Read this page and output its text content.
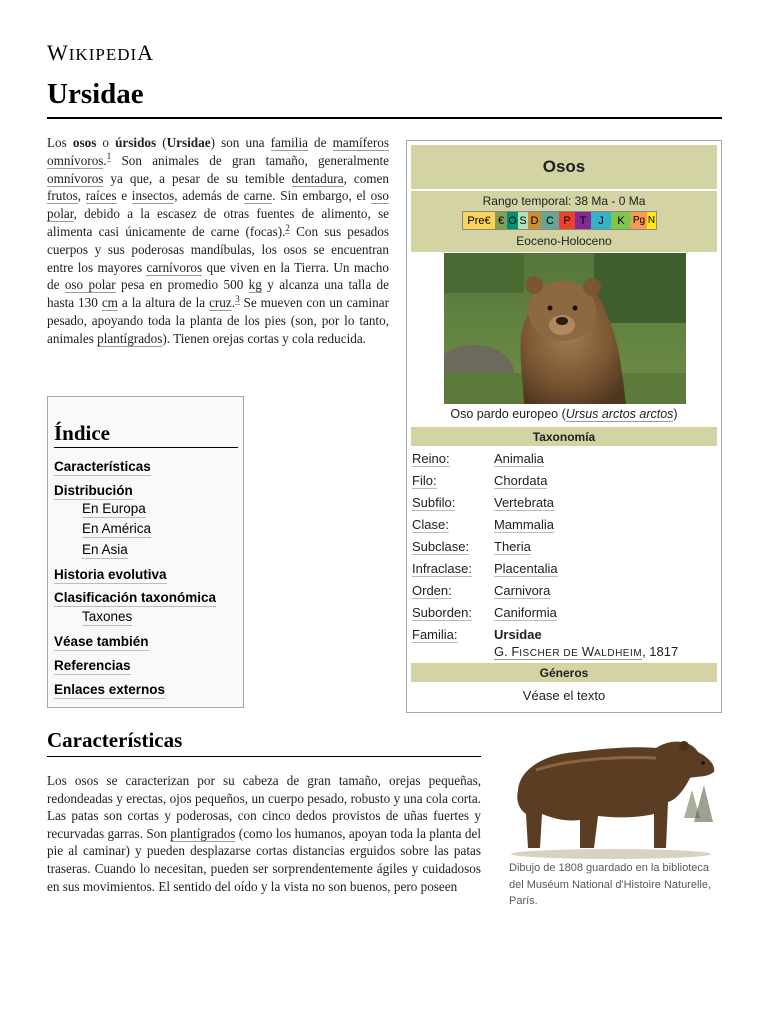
WIKIPEDIA
Ursidae

Los osos o úrsidos (Ursidae) son una familia de mamíferos omnívoros.$^1$ Son animales de gran tamaño, generalmente omnívoros ya que, a pesar de su temible dentadura, comen frutos, raíces e insectos, además de carne. Sin embargo, el oso polar, debido a la escasez de otras fuentes de alimento, se alimenta casi únicamente de carne (focas).$^2$ Con sus pesados cuerpos y sus poderosas mandíbulas, los osos se encuentran entre los mayores carnívoros que viven en la Tierra. Un macho de oso polar pesa en promedio 500 kg y alcanza una talla de hasta 130 cm a la altura de la cruz.$^3$ Se mueven con un caminar pesado, apoyando toda la planta de los pies (son, por lo tanto, animales plantígrados). Tienen orejas cortas y cola reducida.

Índice
Características
Distribución
En Europa
En América
En Asia
Historia evolutiva
Clasificación taxonómica
Taxones
Véase también
Referencias
Enlaces externos
Osos
Rango temporal: 38 Ma - 0 Ma
Pre€ € O S D C P T	J	K Pg N
Eoceno-Holoceno
Oso pardo europeo (Ursus arctos arctos)
Taxonomía
Reino:	Animalia
Filo:	Chordata
Subfilo:	Vertebrata
Clase:	Mammalia
Subclase: Theria
Infraclase: Placentalia
Orden:	Carnivora
Suborden: Caniformia
Familia:	Ursidae
G. FISCHER DE WALDHEIM, 1817
Géneros
Véase el texto
Características

Los osos se caracterizan por su cabeza de gran tamaño, orejas pequeñas, redondeadas y erectas, ojos pequeños, un cuerpo pesado, robusto y una cola corta. Las patas son cortas y poderosas, con cinco dedos provistos de uñas fuertes y recurvadas garras. Son plantígrados (como los humanos, apoyan toda la planta del pie al caminar) y pueden desplazarse cortas distancias erguidos sobre las patas traseras. Cuando lo necesitan, pueden ser sorprendentemente ágiles y cuidadosos en sus movimientos. El sentido del oído y la vista no son buenos, pero poseen

Dibujo de 1808 guardado en la biblioteca del Muséum National d'Histoire Naturelle, París.
